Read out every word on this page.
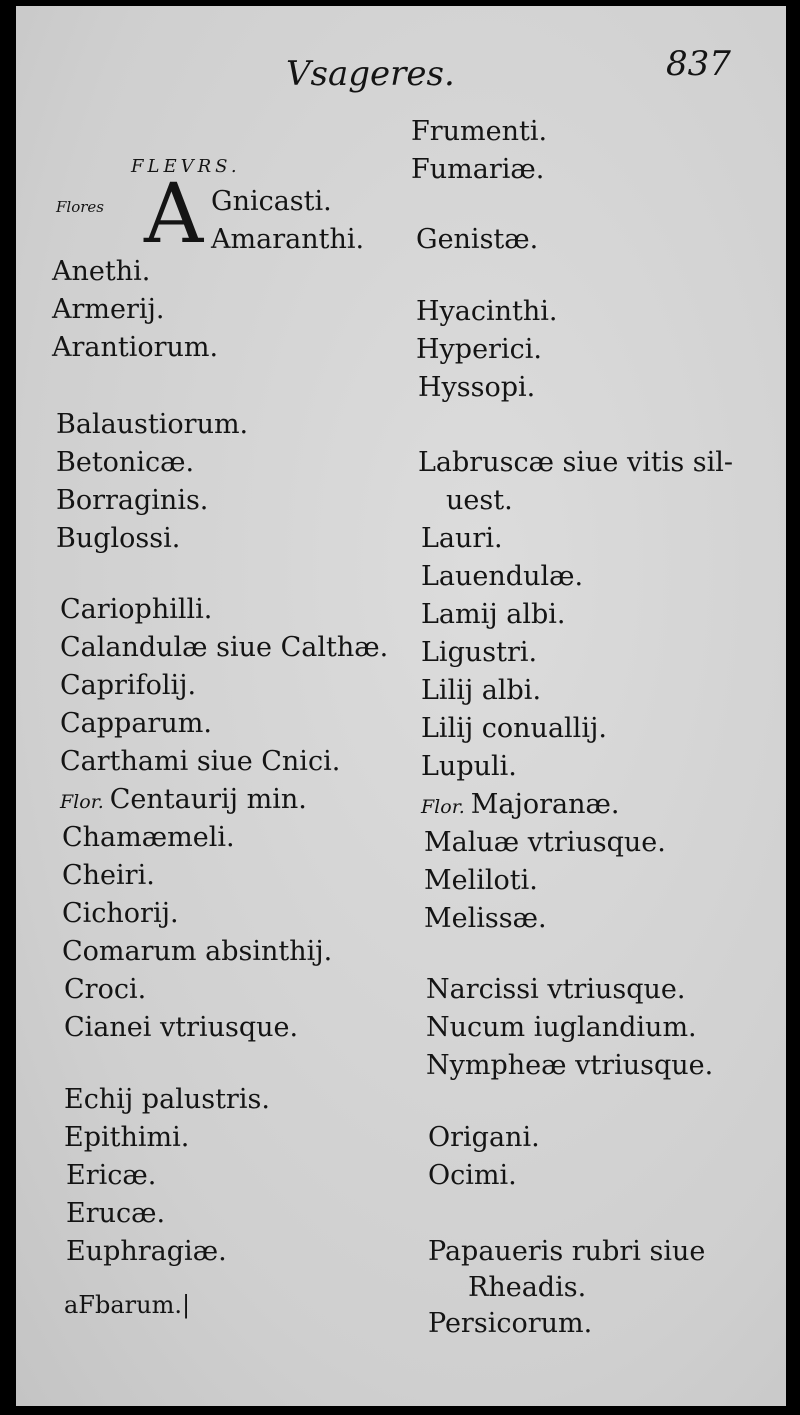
Vsageres.	837
FLEVRS.
Flores A Gnicasti.
Amaranthi.
Anethi.
Armerij.
Arantiorum.
Balaustiorum.
Betonicæ.
Borraginis.
Buglossi.
Cariophilli.
Calandulæ siue Calthæ.
Caprifolij.
Capparum.
Carthami siue Cnici.
Flor. Centaurij min.
Chamæmeli.
Cheiri.
Cichorij.
Comarum absinthij.
Croci.
Cianei vtriusque.
Echij palustris.
Epithimi.
Ericæ.
Erucæ.
Euphragiæ.
Frumenti.
Fumariæ.
Genistæ.
Hyacinthi.
Hyperici.
Hyssopi.
Labruscæ siue vitis sil-
uest.
Lauri.
Lauendulæ.
Lamij albi.
Ligustri.
Lilij albi.
Lilij conuallij.
Lupuli.
Flor. Majoranæ.
Maluæ vtriusque.
Meliloti.
Melissæ.
Narcissi vtriusque.
Nucum iuglandium.
Nympheæ vtriusque.
Origani.
Ocimi.
Papaueris rubri siue
Rheadis.
Persicorum.
aFbarum.|
